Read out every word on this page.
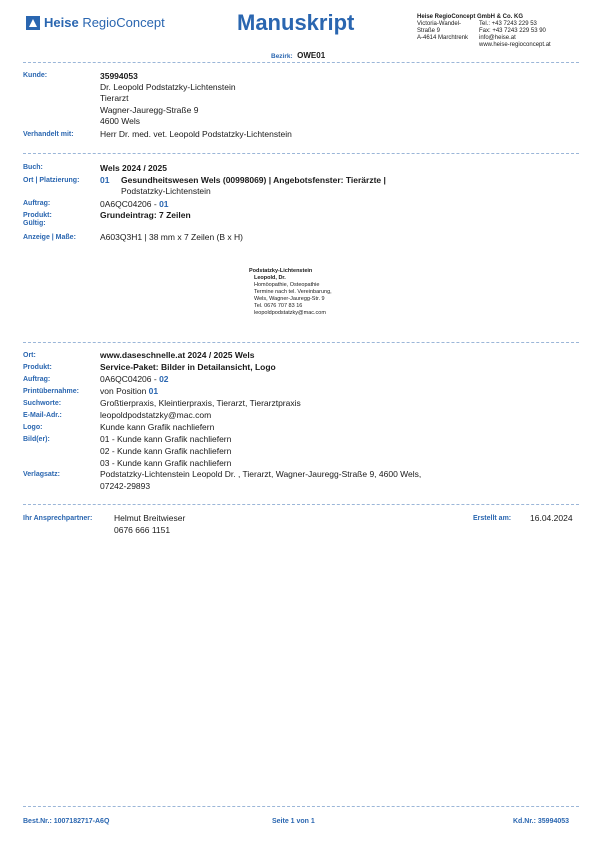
Heise RegioConcept	Manuskript
Bezirk: OWE01
Heise RegioConcept GmbH & Co. KG
Victoria-Wandel-
Straße 9
A-4614 Marchtrenk
Tel.: +43 7243 229 53
Fax: +43 7243 229 53 90
info@heise.at
www.heise-regioconcept.at
Kunde:	35994053
Dr. Leopold Podstatzky-Lichtenstein
Tierarzt
Wagner-Jauregg-Straße 9
4600 Wels
Verhandelt mit:	Herr Dr. med. vet. Leopold Podstatzky-Lichtenstein
Buch:	Wels 2024 / 2025
Ort | Platzierung: 01 Gesundheitswesen Wels (00998069) | Angebotsfenster: Tierärzte |
Podstatzky-Lichtenstein
Auftrag:	0A6QC04206 - 01
Produkt:	Grundeintrag: 7 Zeilen
Gültig:
Anzeige | Maße:	A603Q3H1 | 38 mm x 7 Zeilen (B x H)
Podstatzky-Lichtenstein
Leopold, Dr.
Homöopathie, Osteopathie
Termine nach tel. Vereinbarung,
Wels, Wagner-Jauregg-Str. 9
Tel. 0676 707 83 16
leopoldpodstatzky@mac.com
Ort:	www.daseschnelle.at 2024 / 2025 Wels
Produkt:	Service-Paket: Bilder in Detailansicht, Logo
Auftrag:	0A6QC04206 - 02
Printübernahme: von Position 01
Suchworte:	Großtierpraxis, Kleintierpraxis, Tierarzt, Tierarztpraxis
E-Mail-Adr.:	leopoldpodstatzky@mac.com
Logo:	Kunde kann Grafik nachliefern
Bild(er):	01 - Kunde kann Grafik nachliefern
02 - Kunde kann Grafik nachliefern
03 - Kunde kann Grafik nachliefern
Verlagsatz:	Podstatzky-Lichtenstein Leopold Dr. , Tierarzt, Wagner-Jauregg-Straße 9, 4600 Wels,
07242-29893
Ihr Ansprechpartner:	Helmut Breitwieser
0676 666 1151
Erstellt am: 16.04.2024
Best.Nr.: 1007182717-A6Q	Seite 1 von 1	Kd.Nr.: 35994053
